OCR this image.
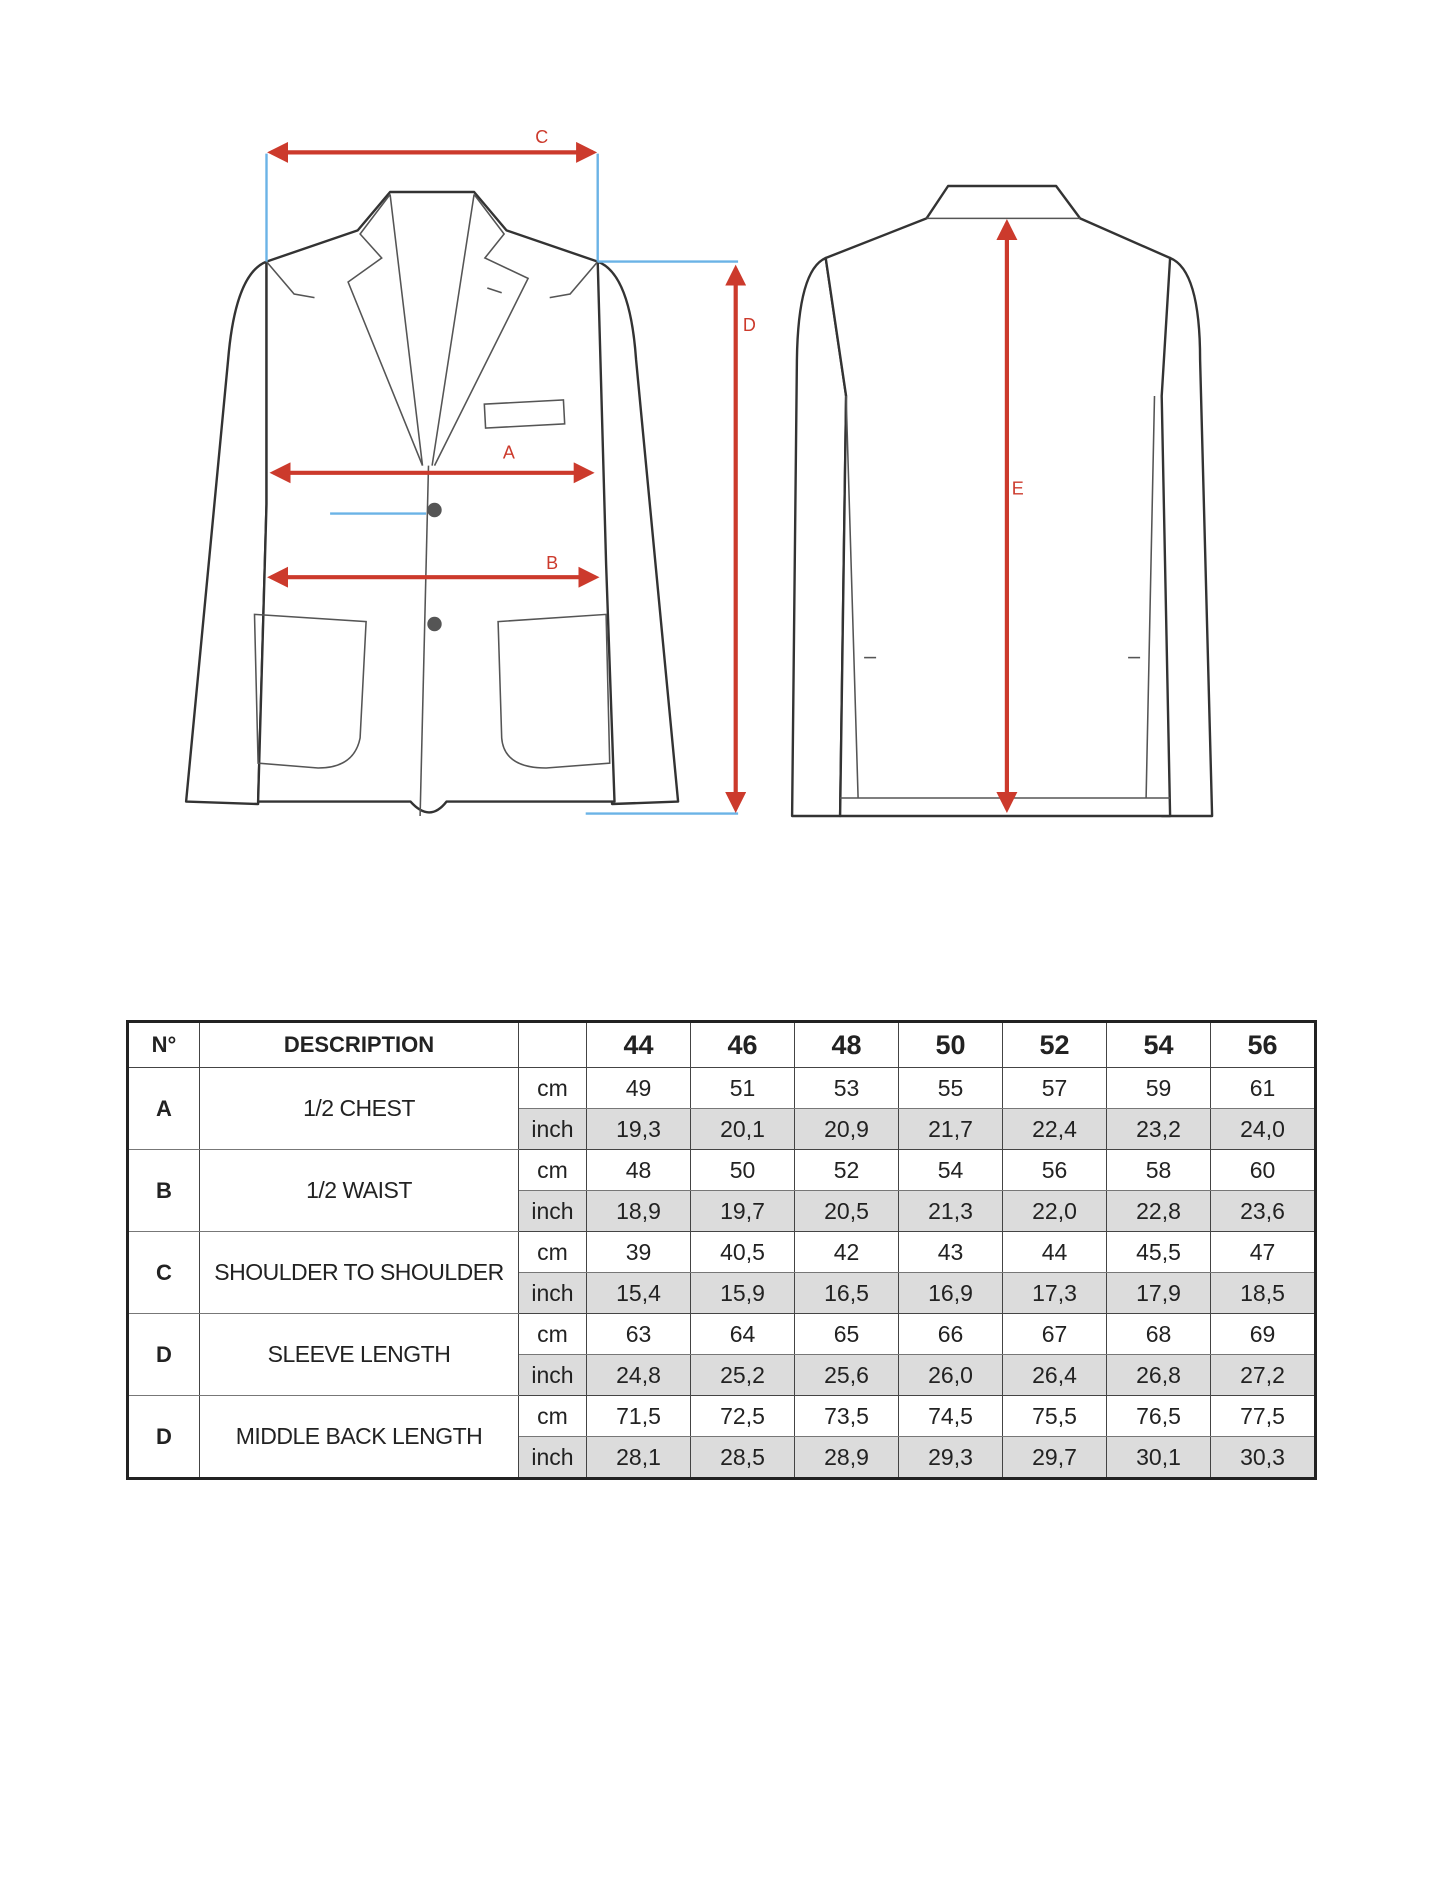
C
A
B
D
E
N°	DESCRIPTION		44	46	48	50	52	54	56
A	1/2 CHEST	cm	49	51	53	55	57	59	61
		inch	19,3	20,1	20,9	21,7	22,4	23,2	24,0
B	1/2 WAIST	cm	48	50	52	54	56	58	60
		inch	18,9	19,7	20,5	21,3	22,0	22,8	23,6
C	SHOULDER TO SHOULDER	cm	39	40,5	42	43	44	45,5	47
		inch	15,4	15,9	16,5	16,9	17,3	17,9	18,5
D	SLEEVE LENGTH	cm	63	64	65	66	67	68	69
		inch	24,8	25,2	25,6	26,0	26,4	26,8	27,2
D	MIDDLE BACK LENGTH	cm	71,5	72,5	73,5	74,5	75,5	76,5	77,5
		inch	28,1	28,5	28,9	29,3	29,7	30,1	30,3
